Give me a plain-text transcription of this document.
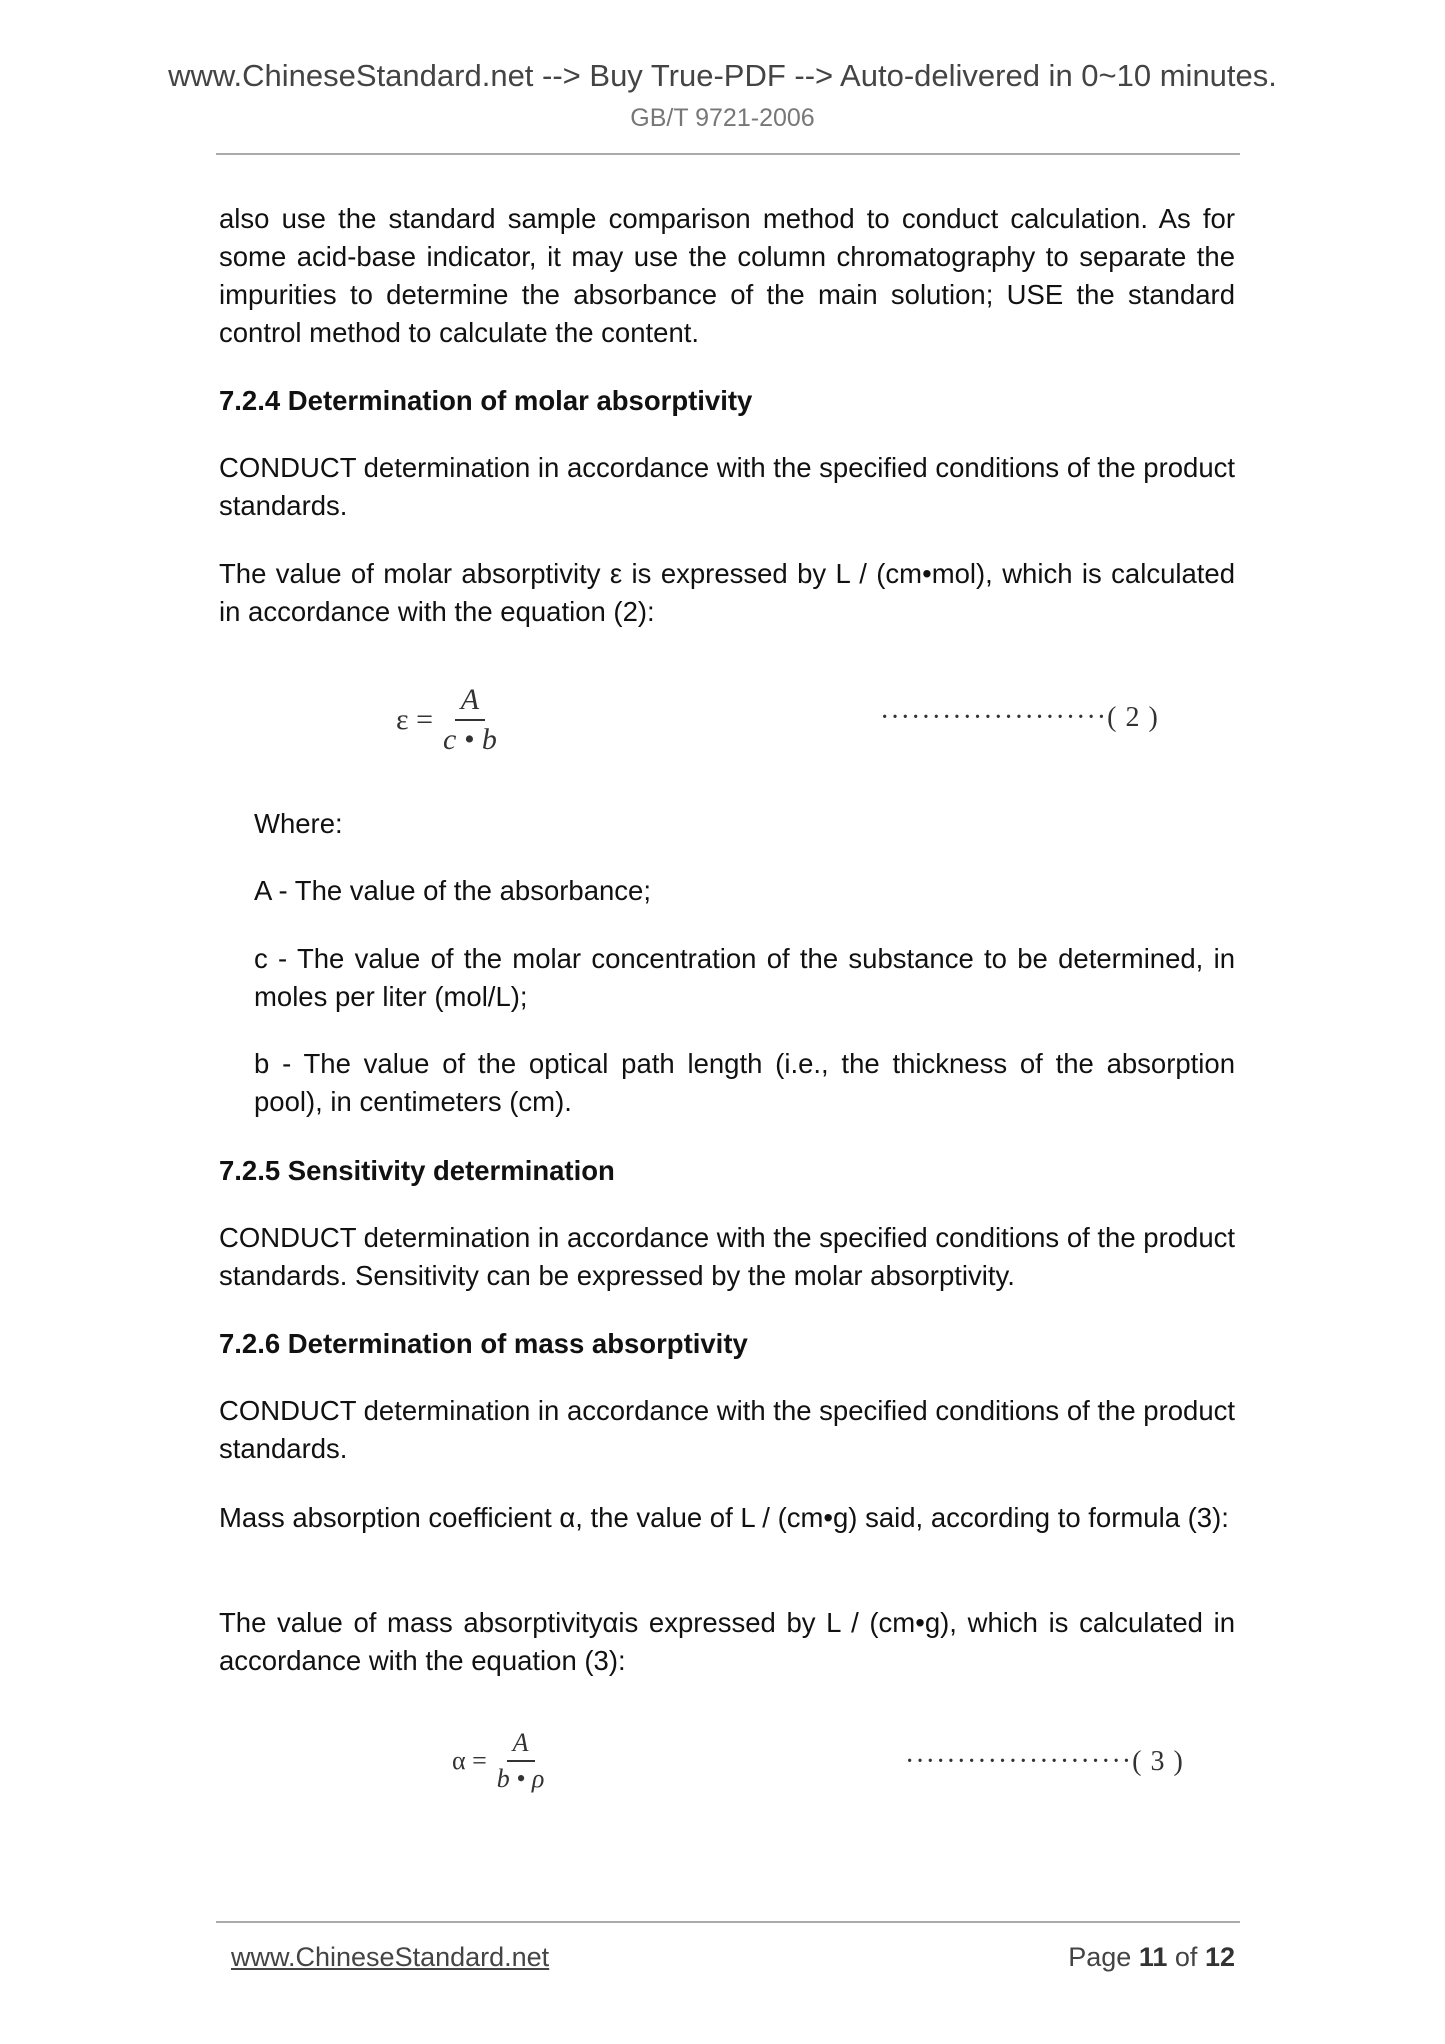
www.ChineseStandard.net --> Buy True-PDF --> Auto-delivered in 0~10 minutes.
GB/T 9721-2006
also use the standard sample comparison method to conduct calculation. As for some acid-base indicator, it may use the column chromatography to separate the impurities to determine the absorbance of the main solution; USE the standard control method to calculate the content.
7.2.4 Determination of molar absorptivity
CONDUCT determination in accordance with the specified conditions of the product standards.
The value of molar absorptivity ε is expressed by L / (cm•mol), which is calculated in accordance with the equation (2):
$\varepsilon = \frac{A}{c • b}$	······················( 2 )
Where:
A - The value of the absorbance;
c - The value of the molar concentration of the substance to be determined, in moles per liter (mol/L);
b - The value of the optical path length (i.e., the thickness of the absorption pool), in centimeters (cm).
7.2.5 Sensitivity determination
CONDUCT determination in accordance with the specified conditions of the product standards. Sensitivity can be expressed by the molar absorptivity.
7.2.6 Determination of mass absorptivity
CONDUCT determination in accordance with the specified conditions of the product standards.
Mass absorption coefficient α, the value of L / (cm•g) said, according to formula (3):
The value of mass absorptivityαis expressed by L / (cm•g), which is calculated in accordance with the equation (3):
$\alpha = \frac{A}{b • \rho}$	······················( 3 )
www.ChineseStandard.net	Page 11 of 12
